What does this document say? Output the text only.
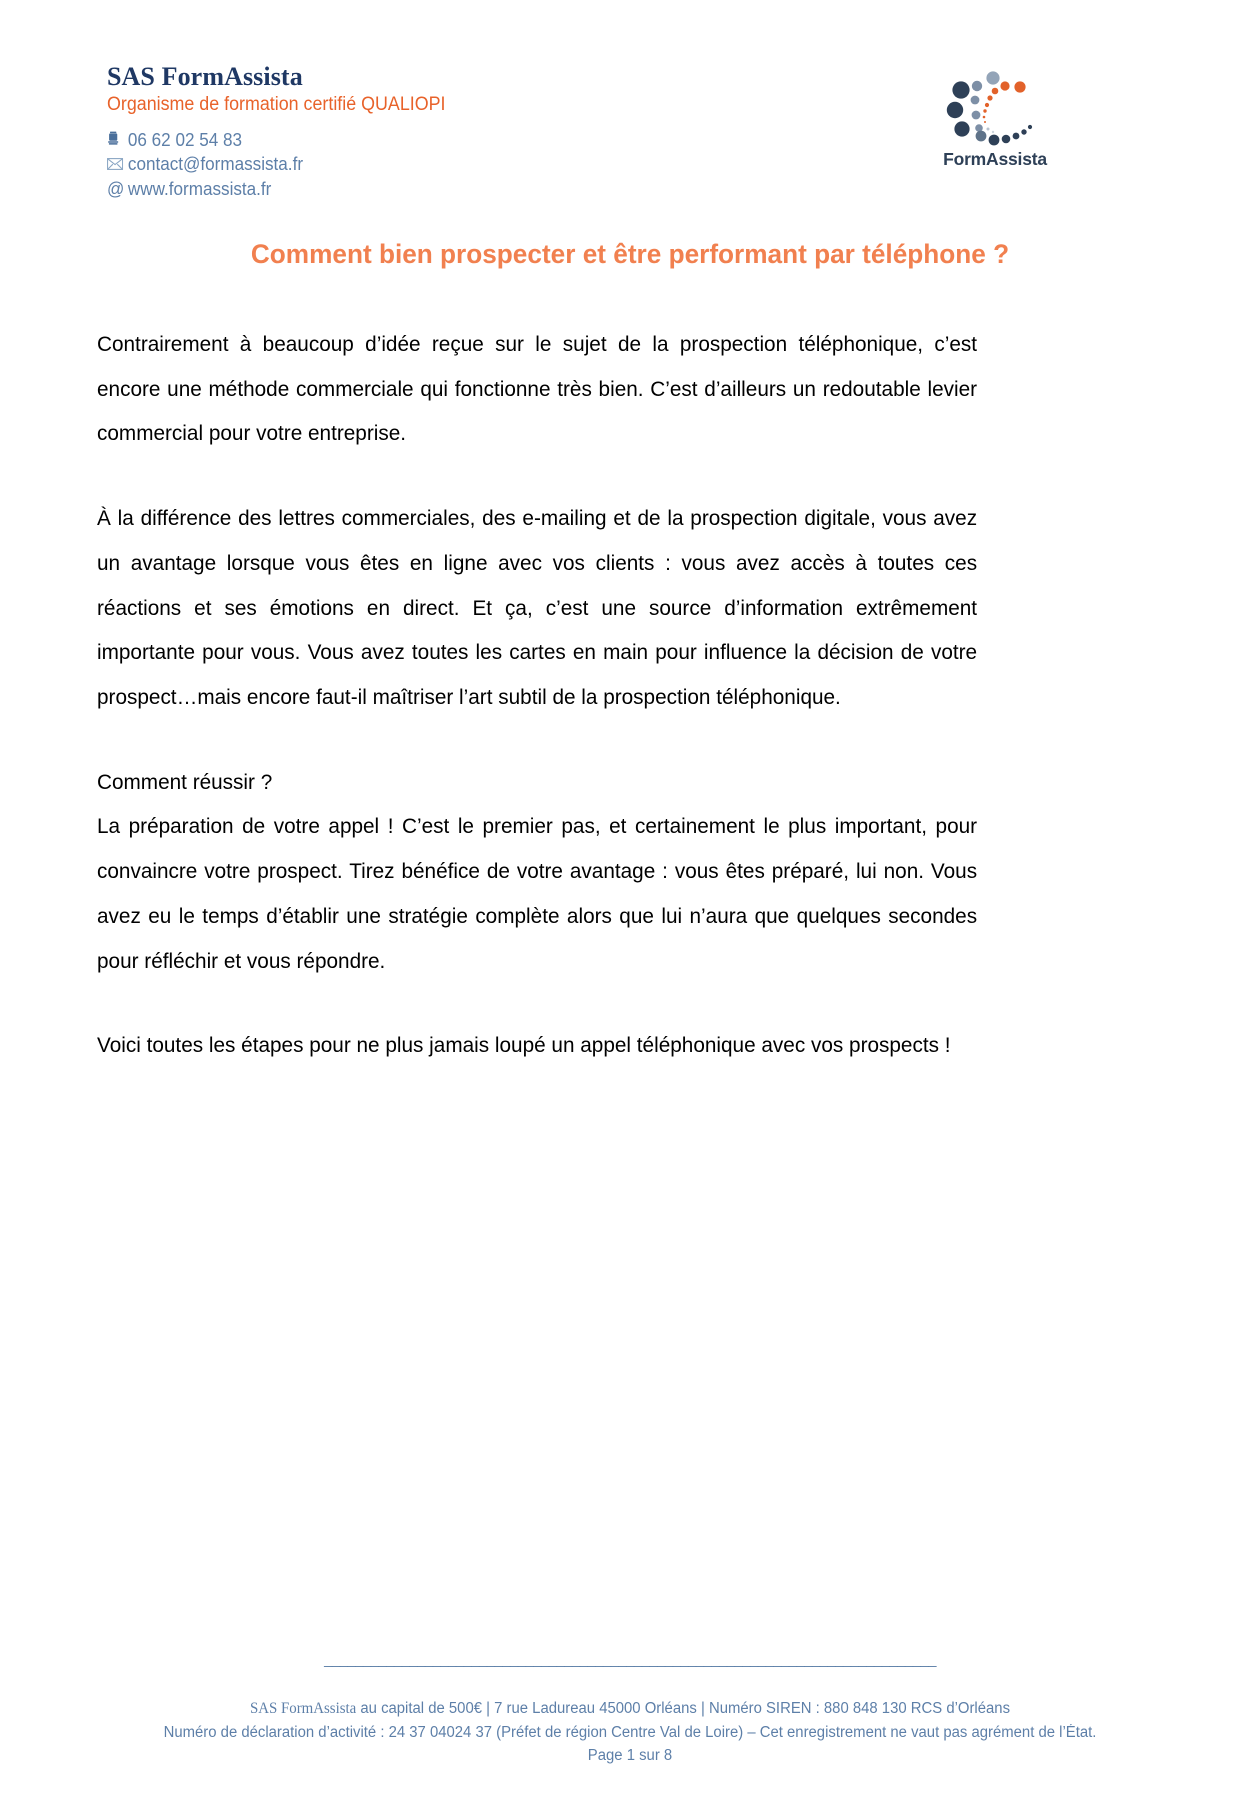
SAS FormAssista
Organisme de formation certifié QUALIOPI
06 62 02 54 83
contact@formassista.fr
@ www.formassista.fr
FormAssista
Comment bien prospecter et être performant par téléphone ?

Contrairement à beaucoup d’idée reçue sur le sujet de la prospection téléphonique, c’est encore une méthode commerciale qui fonctionne très bien. C’est d’ailleurs un redoutable levier commercial pour votre entreprise.

À la différence des lettres commerciales, des e-mailing et de la prospection digitale, vous avez un avantage lorsque vous êtes en ligne avec vos clients : vous avez accès à toutes ces réactions et ses émotions en direct. Et ça, c’est une source d’information extrêmement importante pour vous. Vous avez toutes les cartes en main pour influence la décision de votre prospect…mais encore faut-il maîtriser l’art subtil de la prospection téléphonique.

Comment réussir ?

La préparation de votre appel ! C’est le premier pas, et certainement le plus important, pour convaincre votre prospect. Tirez bénéfice de votre avantage : vous êtes préparé, lui non. Vous avez eu le temps d’établir une stratégie complète alors que lui n’aura que quelques secondes pour réfléchir et vous répondre.

Voici toutes les étapes pour ne plus jamais loupé un appel téléphonique avec vos prospects !

_______________________________________________________________________________

SAS FormAssista au capital de 500€ | 7 rue Ladureau 45000 Orléans | Numéro SIREN : 880 848 130 RCS d’Orléans

Numéro de déclaration d’activité : 24 37 04024 37 (Préfet de région Centre Val de Loire) – Cet enregistrement ne vaut pas agrément de l’État.

Page 1 sur 8
